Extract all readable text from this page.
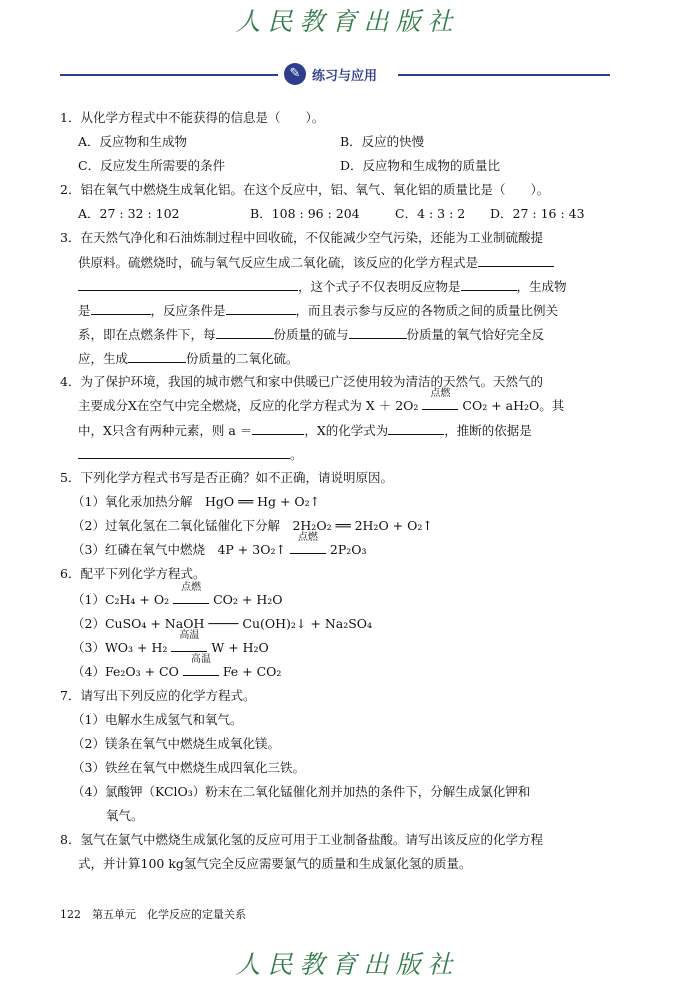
人民教育出版社
✎ 练习与应用
1．从化学方程式中不能获得的信息是（　　）。
A．反应物和生成物	B．反应的快慢
C．反应发生所需要的条件	D．反应物和生成物的质量比
2．铝在氧气中燃烧生成氧化铝。在这个反应中，铝、氧气、氧化铝的质量比是（　　）。
A．27 : 32 : 102	B．108 : 96 : 204	C．4 : 3 : 2 D．27 : 16 : 43
3．在天然气净化和石油炼制过程中回收硫，不仅能减少空气污染，还能为工业制硫酸提
供原料。硫燃烧时，硫与氧气反应生成二氧化硫，该反应的化学方程式是
，这个式子不仅表明反应物是	，生成物
是	，反应条件是	，而且表示参与反应的各物质之间的质量比例关
系，即在点燃条件下，每	份质量的硫与	份质量的氧气恰好完全反
应，生成	份质量的二氧化硫。
4．为了保护环境，我国的城市燃气和家中供暖已广泛使用较为清洁的天然气。天然气的
主要成分X在空气中完全燃烧，反应的化学方程式为 X ＋ 2O₂
点燃
CO₂ + aH₂O。其
中，X只含有两种元素，则 a ＝	，X的化学式为	，推断的依据是
。
5．下列化学方程式书写是否正确？如不正确，请说明原因。
（1）氧化汞加热分解　HgO ══ Hg + O₂↑
（2）过氧化氢在二氧化锰催化下分解　2H₂O₂ ══ 2H₂O + O₂↑
（3）红磷在氧气中燃烧　4P + 3O₂↑
点燃
2P₂O₃
6．配平下列化学方程式。
（1）C₂H₄ + O₂
点燃
CO₂ + H₂O
（2）CuSO₄ + NaOH ──── Cu(OH)₂↓ + Na₂SO₄
（3）WO₃ + H₂
高温
W + H₂O
（4）Fe₂O₃ + CO
高温
Fe + CO₂
7．请写出下列反应的化学方程式。
（1）电解水生成氢气和氧气。
（2）镁条在氧气中燃烧生成氧化镁。
（3）铁丝在氧气中燃烧生成四氧化三铁。
（4）氯酸钾（KClO₃）粉末在二氧化锰催化剂并加热的条件下，分解生成氯化钾和
氧气。
8．氢气在氯气中燃烧生成氯化氢的反应可用于工业制备盐酸。请写出该反应的化学方程
式，并计算100 kg氢气完全反应需要氯气的质量和生成氯化氢的质量。
122　第五单元　化学反应的定量关系
人民教育出版社
